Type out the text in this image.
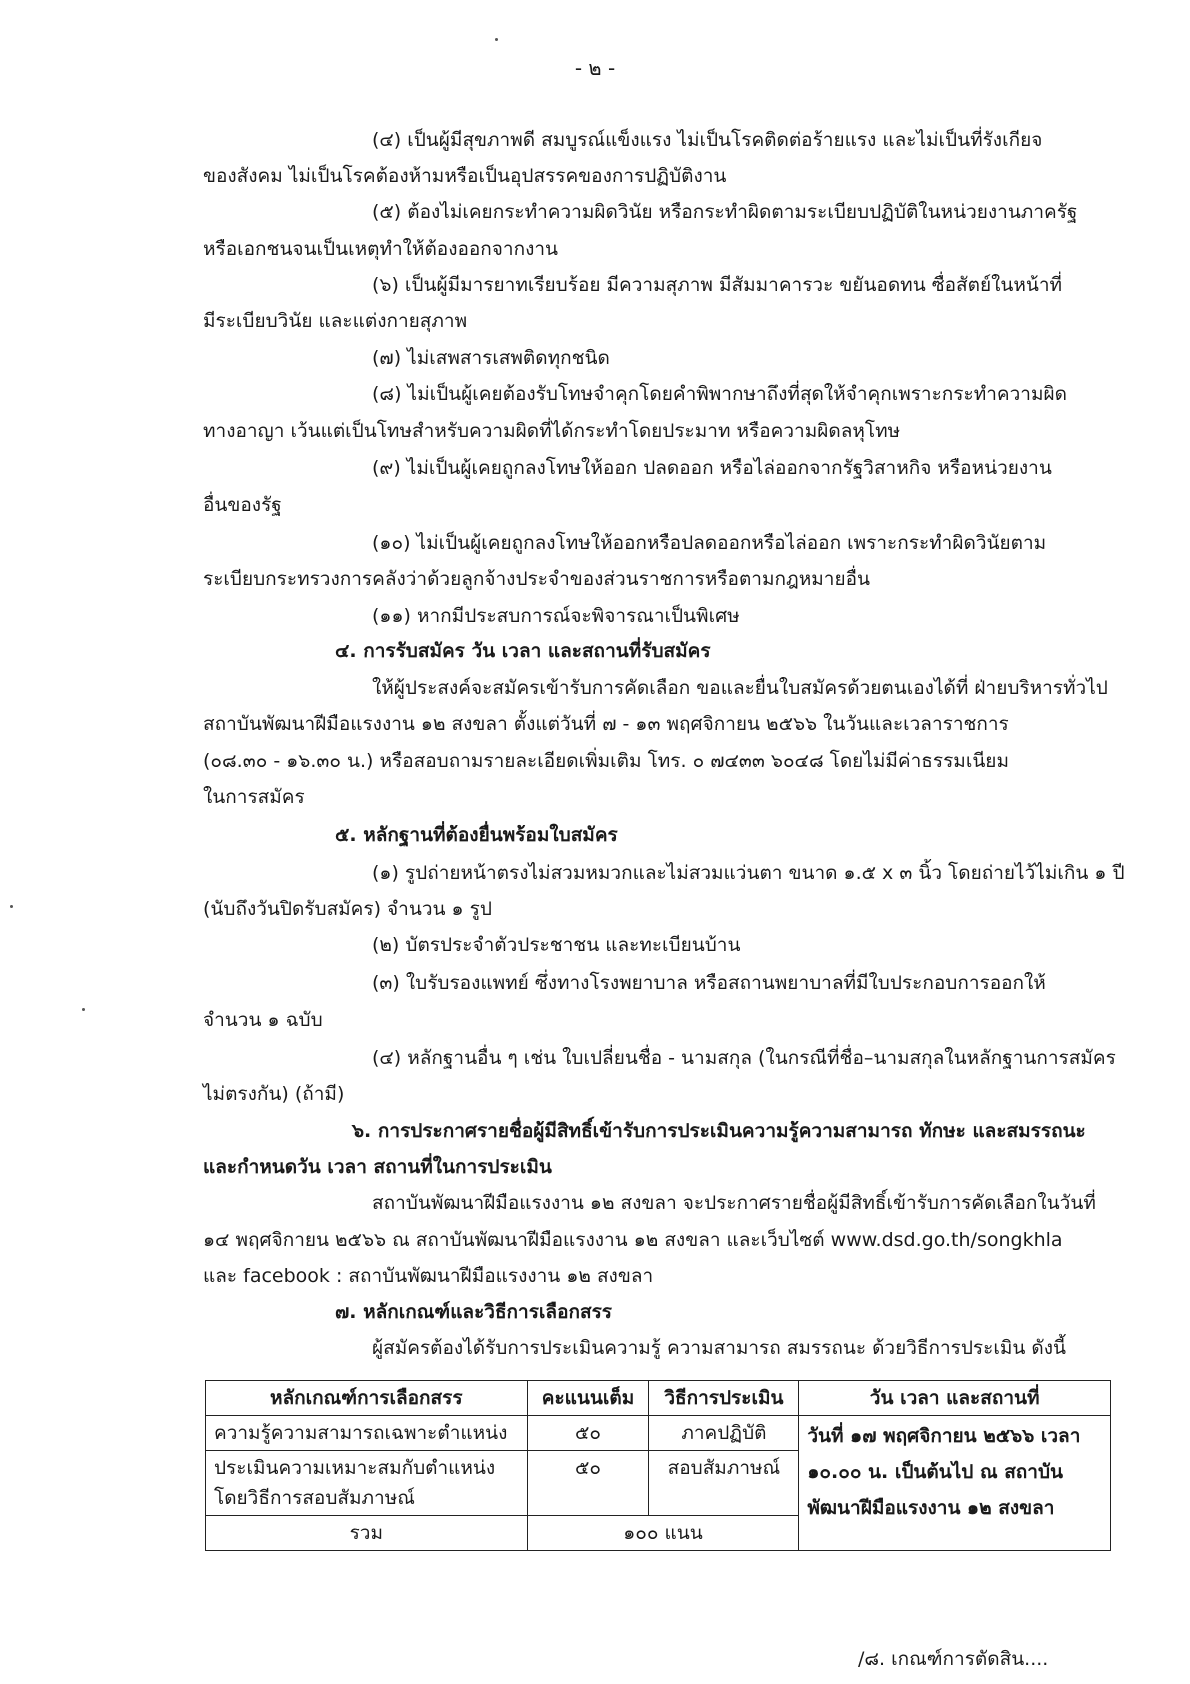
- ๒ -
(๔) เป็นผู้มีสุขภาพดี สมบูรณ์แข็งแรง ไม่เป็นโรคติดต่อร้ายแรง และไม่เป็นที่รังเกียจ
ของสังคม ไม่เป็นโรคต้องห้ามหรือเป็นอุปสรรคของการปฏิบัติงาน
(๕) ต้องไม่เคยกระทำความผิดวินัย หรือกระทำผิดตามระเบียบปฏิบัติในหน่วยงานภาครัฐ
หรือเอกชนจนเป็นเหตุทำให้ต้องออกจากงาน
(๖) เป็นผู้มีมารยาทเรียบร้อย มีความสุภาพ มีสัมมาคารวะ ขยันอดทน ซื่อสัตย์ในหน้าที่
มีระเบียบวินัย และแต่งกายสุภาพ
(๗) ไม่เสพสารเสพติดทุกชนิด
(๘) ไม่เป็นผู้เคยต้องรับโทษจำคุกโดยคำพิพากษาถึงที่สุดให้จำคุกเพราะกระทำความผิด
ทางอาญา เว้นแต่เป็นโทษสำหรับความผิดที่ได้กระทำโดยประมาท หรือความผิดลหุโทษ
(๙) ไม่เป็นผู้เคยถูกลงโทษให้ออก ปลดออก หรือไล่ออกจากรัฐวิสาหกิจ หรือหน่วยงาน
อื่นของรัฐ
(๑๐) ไม่เป็นผู้เคยถูกลงโทษให้ออกหรือปลดออกหรือไล่ออก เพราะกระทำผิดวินัยตาม
ระเบียบกระทรวงการคลังว่าด้วยลูกจ้างประจำของส่วนราชการหรือตามกฎหมายอื่น
(๑๑) หากมีประสบการณ์จะพิจารณาเป็นพิเศษ
๔. การรับสมัคร วัน เวลา และสถานที่รับสมัคร
ให้ผู้ประสงค์จะสมัครเข้ารับการคัดเลือก ขอและยื่นใบสมัครด้วยตนเองได้ที่ ฝ่ายบริหารทั่วไป
สถาบันพัฒนาฝีมือแรงงาน ๑๒ สงขลา ตั้งแต่วันที่ ๗ - ๑๓ พฤศจิกายน ๒๕๖๖ ในวันและเวลาราชการ
(๐๘.๓๐ - ๑๖.๓๐ น.) หรือสอบถามรายละเอียดเพิ่มเติม โทร. ๐ ๗๔๓๓ ๖๐๔๘ โดยไม่มีค่าธรรมเนียม
ในการสมัคร
๕. หลักฐานที่ต้องยื่นพร้อมใบสมัคร
(๑) รูปถ่ายหน้าตรงไม่สวมหมวกและไม่สวมแว่นตา ขนาด ๑.๕ x ๓ นิ้ว โดยถ่ายไว้ไม่เกิน ๑ ปี
(นับถึงวันปิดรับสมัคร) จำนวน ๑ รูป
(๒) บัตรประจำตัวประชาชน และทะเบียนบ้าน
(๓) ใบรับรองแพทย์ ซึ่งทางโรงพยาบาล หรือสถานพยาบาลที่มีใบประกอบการออกให้
จำนวน ๑ ฉบับ
(๔) หลักฐานอื่น ๆ เช่น ใบเปลี่ยนชื่อ - นามสกุล (ในกรณีที่ชื่อ–นามสกุลในหลักฐานการสมัคร
ไม่ตรงกัน) (ถ้ามี)
๖. การประกาศรายชื่อผู้มีสิทธิ์เข้ารับการประเมินความรู้ความสามารถ ทักษะ และสมรรถนะ
และกำหนดวัน เวลา สถานที่ในการประเมิน
สถาบันพัฒนาฝีมือแรงงาน ๑๒ สงขลา จะประกาศรายชื่อผู้มีสิทธิ์เข้ารับการคัดเลือกในวันที่
๑๔ พฤศจิกายน ๒๕๖๖ ณ สถาบันพัฒนาฝีมือแรงงาน ๑๒ สงขลา และเว็บไซต์ www.dsd.go.th/songkhla
และ facebook : สถาบันพัฒนาฝีมือแรงงาน ๑๒ สงขลา
๗. หลักเกณฑ์และวิธีการเลือกสรร
ผู้สมัครต้องได้รับการประเมินความรู้ ความสามารถ สมรรถนะ ด้วยวิธีการประเมิน ดังนี้
หลักเกณฑ์การเลือกสรร	คะแนนเต็ม	วิธีการประเมิน	วัน เวลา และสถานที่
ความรู้ความสามารถเฉพาะตำแหน่ง	๕๐	ภาคปฏิบัติ	วันที่ ๑๗ พฤศจิกายน ๒๕๖๖ เวลา ๑๐.๐๐ น. เป็นต้นไป ณ สถาบันพัฒนาฝีมือแรงงาน ๑๒ สงขลา
ประเมินความเหมาะสมกับตำแหน่ง โดยวิธีการสอบสัมภาษณ์	๕๐	สอบสัมภาษณ์	
รวม	๑๐๐ แนน		
/๘. เกณฑ์การตัดสิน....
